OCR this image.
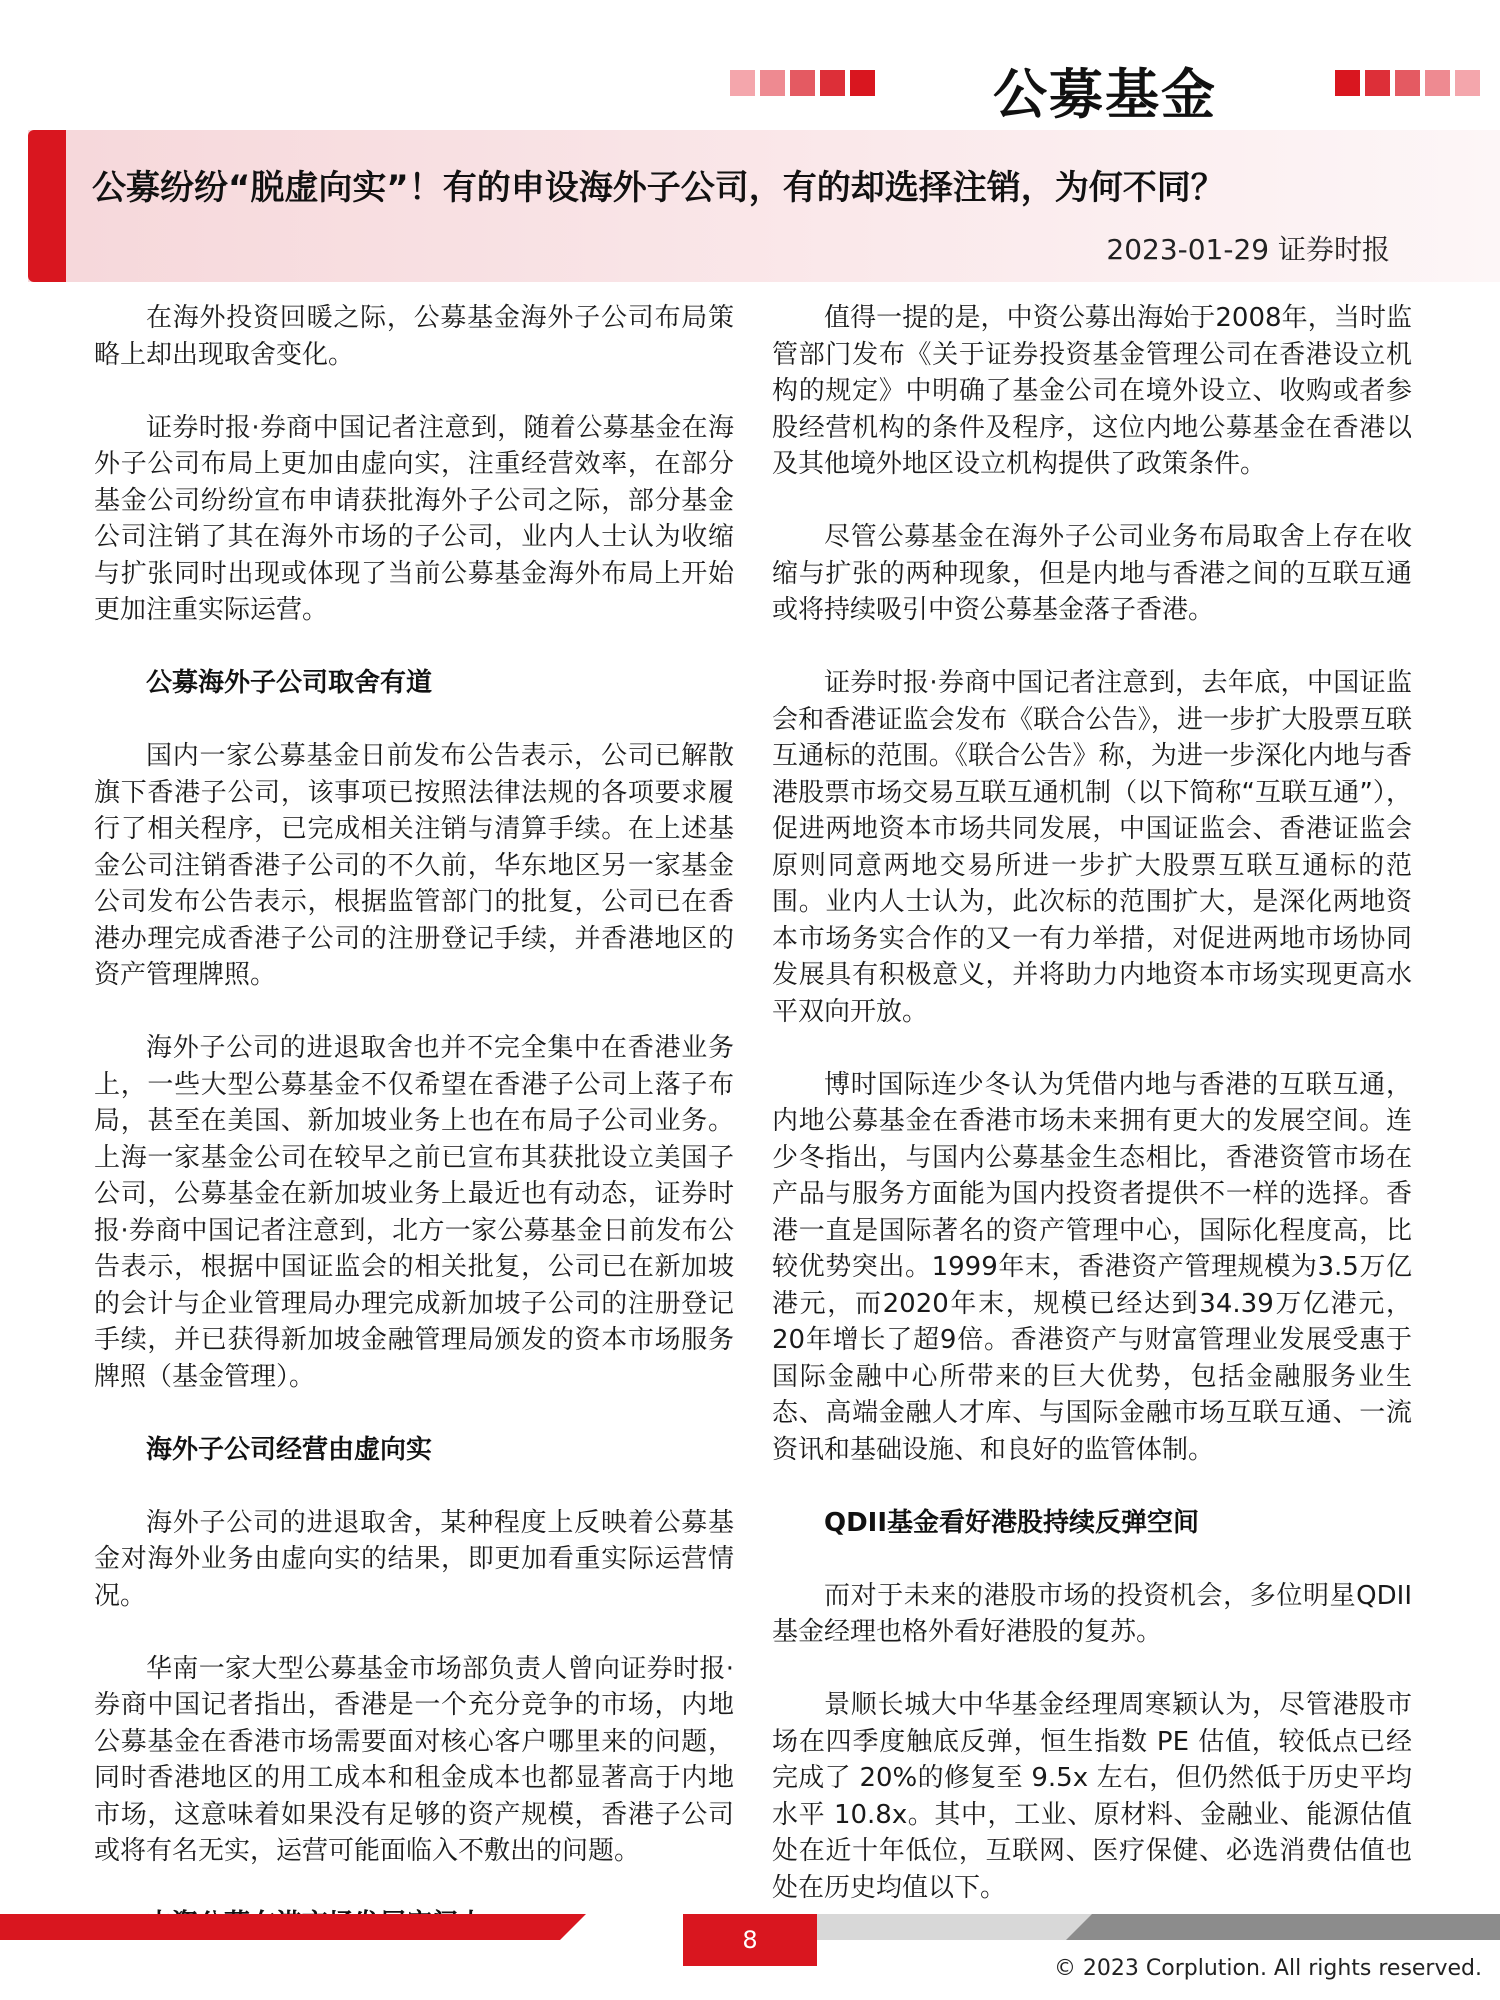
公募基金
公募纷纷“脱虚向实”！有的申设海外子公司，有的却选择注销，为何不同？
2023-01-29 证券时报

在海外投资回暖之际，公募基金海外子公司布局策略上却出现取舍变化。

证券时报·券商中国记者注意到，随着公募基金在海外子公司布局上更加由虚向实，注重经营效率，在部分基金公司纷纷宣布申请获批海外子公司之际，部分基金公司注销了其在海外市场的子公司，业内人士认为收缩与扩张同时出现或体现了当前公募基金海外布局上开始更加注重实际运营。

公募海外子公司取舍有道

国内一家公募基金日前发布公告表示，公司已解散旗下香港子公司，该事项已按照法律法规的各项要求履行了相关程序，已完成相关注销与清算手续。在上述基金公司注销香港子公司的不久前，华东地区另一家基金公司发布公告表示，根据监管部门的批复，公司已在香港办理完成香港子公司的注册登记手续，并香港地区的资产管理牌照。

海外子公司的进退取舍也并不完全集中在香港业务上，一些大型公募基金不仅希望在香港子公司上落子布局，甚至在美国、新加坡业务上也在布局子公司业务。上海一家基金公司在较早之前已宣布其获批设立美国子公司，公募基金在新加坡业务上最近也有动态，证券时报·券商中国记者注意到，北方一家公募基金日前发布公告表示，根据中国证监会的相关批复，公司已在新加坡的会计与企业管理局办理完成新加坡子公司的注册登记手续，并已获得新加坡金融管理局颁发的资本市场服务牌照（基金管理）。

海外子公司经营由虚向实

海外子公司的进退取舍，某种程度上反映着公募基金对海外业务由虚向实的结果，即更加看重实际运营情况。

华南一家大型公募基金市场部负责人曾向证券时报·券商中国记者指出，香港是一个充分竞争的市场，内地公募基金在香港市场需要面对核心客户哪里来的问题，同时香港地区的用工成本和租金成本也都显著高于内地市场，这意味着如果没有足够的资产规模，香港子公司或将有名无实，运营可能面临入不敷出的问题。

值得一提的是，中资公募出海始于2008年，当时监管部门发布《关于证券投资基金管理公司在香港设立机构的规定》中明确了基金公司在境外设立、收购或者参股经营机构的条件及程序，这位内地公募基金在香港以及其他境外地区设立机构提供了政策条件。

尽管公募基金在海外子公司业务布局取舍上存在收缩与扩张的两种现象，但是内地与香港之间的互联互通或将持续吸引中资公募基金落子香港。

证券时报·券商中国记者注意到，去年底，中国证监会和香港证监会发布《联合公告》，进一步扩大股票互联互通标的范围。《联合公告》称，为进一步深化内地与香港股票市场交易互联互通机制（以下简称“互联互通”），促进两地资本市场共同发展，中国证监会、香港证监会原则同意两地交易所进一步扩大股票互联互通标的范围。业内人士认为，此次标的范围扩大，是深化两地资本市场务实合作的又一有力举措，对促进两地市场协同发展具有积极意义，并将助力内地资本市场实现更高水平双向开放。

博时国际连少冬认为凭借内地与香港的互联互通，内地公募基金在香港市场未来拥有更大的发展空间。连少冬指出，与国内公募基金生态相比，香港资管市场在产品与服务方面能为国内投资者提供不一样的选择。香港一直是国际著名的资产管理中心，国际化程度高，比较优势突出。1999年末，香港资产管理规模为3.5万亿港元，而2020年末，规模已经达到34.39万亿港元，20年增长了超9倍。香港资产与财富管理业发展受惠于国际金融中心所带来的巨大优势，包括金融服务业生态、高端金融人才库、与国际金融市场互联互通、一流资讯和基础设施、和良好的监管体制。

QDII基金看好港股持续反弹空间

而对于未来的港股市场的投资机会，多位明星QDII基金经理也格外看好港股的复苏。

景顺长城大中华基金经理周寒颖认为，尽管港股市场在四季度触底反弹，恒生指数 PE 估值，较低点已经完成了 20%的修复至 9.5x 左右，但仍然低于历史平均水平 10.8x。其中，工业、原材料、金融业、能源估值处在近十年低位，互联网、医疗保健、必选消费估值也处在历史均值以下。

8
© 2023 Corplution. All rights reserved.
